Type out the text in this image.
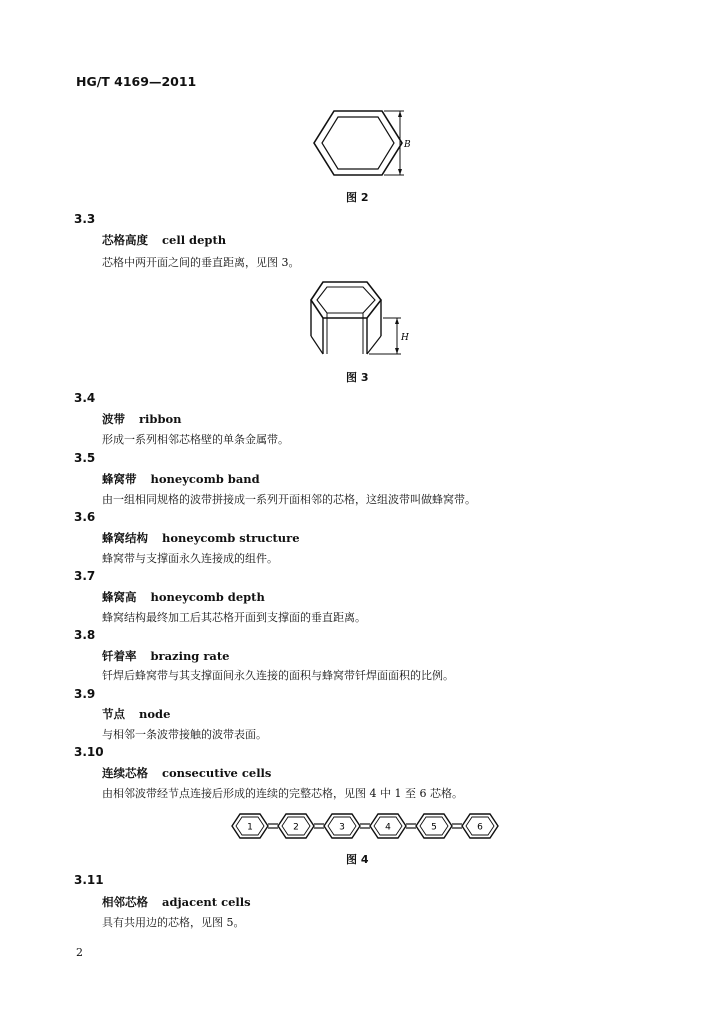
HG/T 4169—2011
B
图 2
3.3
芯格高度 cell depth
芯格中两开面之间的垂直距离，见图 3。
H
图 3
3.4
波带 ribbon
形成一系列相邻芯格壁的单条金属带。
3.5
蜂窝带 honeycomb band
由一组相同规格的波带拼接成一系列开面相邻的芯格，这组波带叫做蜂窝带。
3.6
蜂窝结构 honeycomb structure
蜂窝带与支撑面永久连接成的组件。
3.7
蜂窝高 honeycomb depth
蜂窝结构最终加工后其芯格开面到支撑面的垂直距离。
3.8
钎着率 brazing rate
钎焊后蜂窝带与其支撑面间永久连接的面积与蜂窝带钎焊面面积的比例。
3.9
节点 node
与相邻一条波带接触的波带表面。
3.10
连续芯格 consecutive cells
由相邻波带经节点连接后形成的连续的完整芯格，见图 4 中 1 至 6 芯格。
1	2	3	4	5	6
图 4
3.11
相邻芯格 adjacent cells
具有共用边的芯格，见图 5。
2
